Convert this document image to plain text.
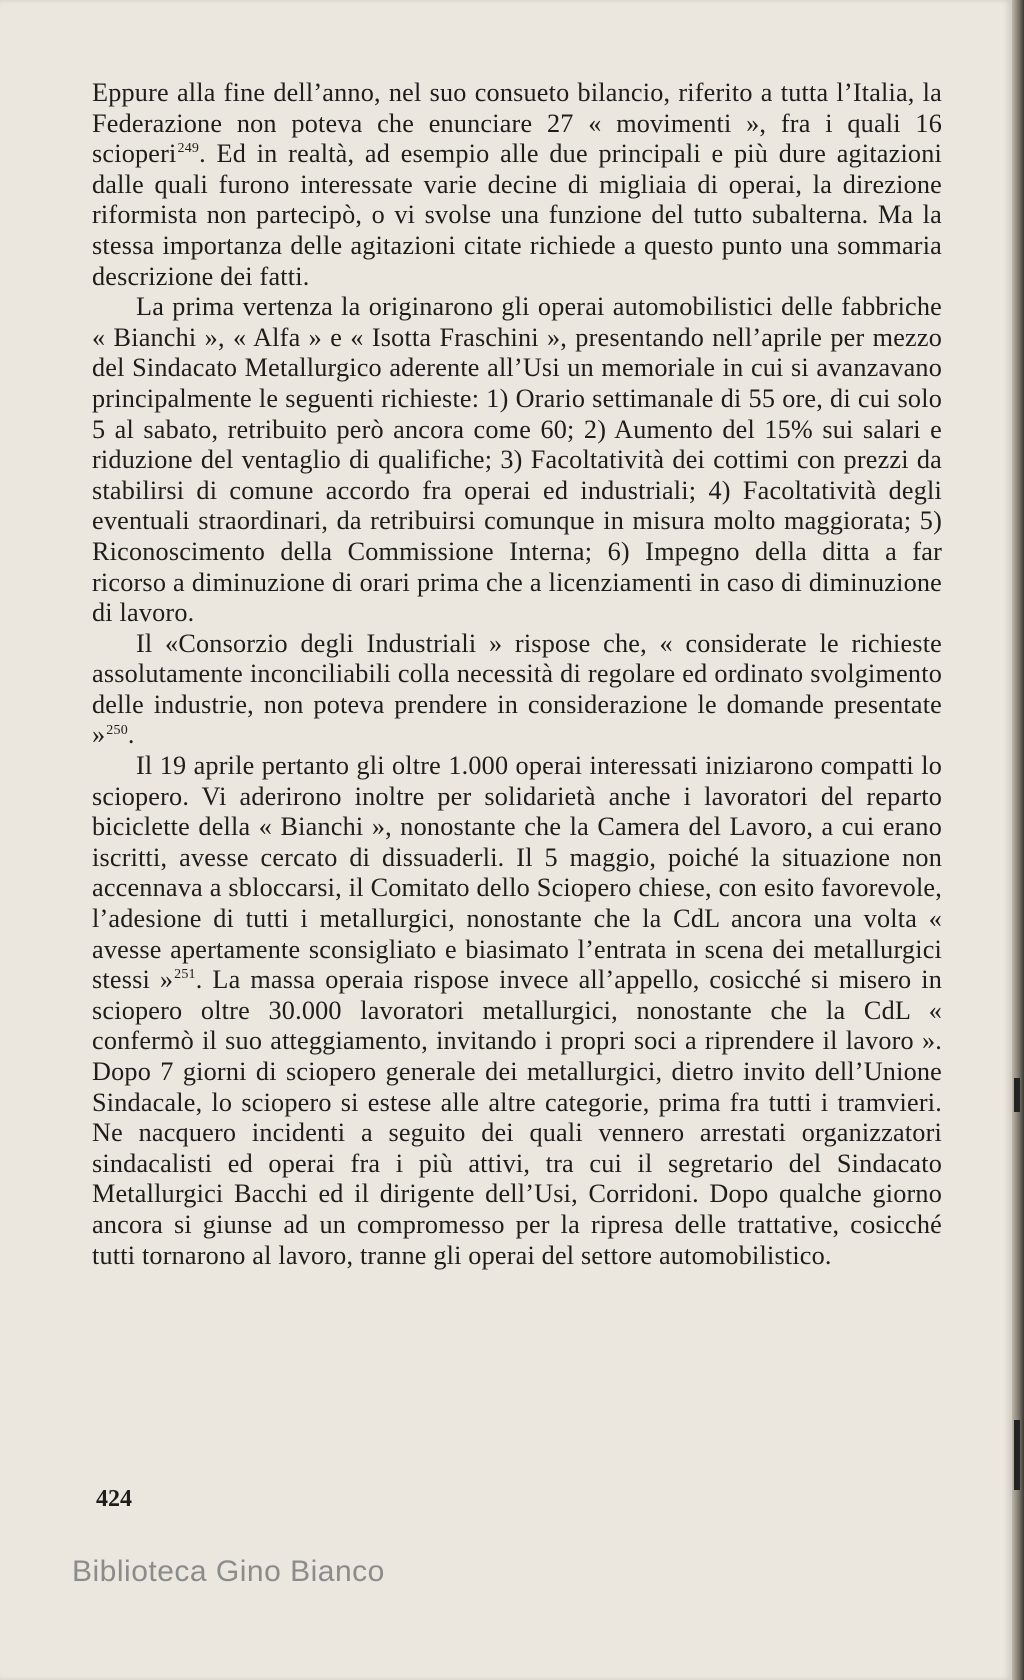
Eppure alla fine dell’anno, nel suo consueto bilancio, riferito a tutta l’Italia, la Federazione non poteva che enunciare 27 « movimenti », fra i quali 16 scioperi$^{249}$. Ed in realtà, ad esempio alle due principali e più dure agitazioni dalle quali furono interessate varie decine di migliaia di operai, la direzione riformista non partecipò, o vi svolse una funzione del tutto subalterna. Ma la stessa importanza delle agitazioni citate richiede a questo punto una sommaria descrizione dei fatti.

La prima vertenza la originarono gli operai automobilistici delle fabbriche « Bianchi », « Alfa » e « Isotta Fraschini », presentando nell’aprile per mezzo del Sindacato Metallurgico aderente all’Usi un memoriale in cui si avanzavano principalmente le seguenti richieste: 1) Orario settimanale di 55 ore, di cui solo 5 al sabato, retribuito però ancora come 60; 2) Aumento del 15% sui salari e riduzione del ventaglio di qualifiche; 3) Facoltatività dei cottimi con prezzi da stabilirsi di comune accordo fra operai ed industriali; 4) Facoltatività degli eventuali straordinari, da retribuirsi comunque in misura molto maggiorata; 5) Riconoscimento della Commissione Interna; 6) Impegno della ditta a far ricorso a diminuzione di orari prima che a licenziamenti in caso di diminuzione di lavoro.

Il «Consorzio degli Industriali » rispose che, « considerate le richieste assolutamente inconciliabili colla necessità di regolare ed ordinato svolgimento delle industrie, non poteva prendere in considerazione le domande presentate »$^{250}$.

Il 19 aprile pertanto gli oltre 1.000 operai interessati iniziarono compatti lo sciopero. Vi aderirono inoltre per solidarietà anche i lavoratori del reparto biciclette della « Bianchi », nonostante che la Camera del Lavoro, a cui erano iscritti, avesse cercato di dissuaderli. Il 5 maggio, poiché la situazione non accennava a sbloccarsi, il Comitato dello Sciopero chiese, con esito favorevole, l’adesione di tutti i metallurgici, nonostante che la CdL ancora una volta « avesse apertamente sconsigliato e biasimato l’entrata in scena dei metallurgici stessi »$^{251}$. La massa operaia rispose invece all’appello, cosicché si misero in sciopero oltre 30.000 lavoratori metallurgici, nonostante che la CdL « confermò il suo atteggiamento, invitando i propri soci a riprendere il lavoro ». Dopo 7 giorni di sciopero generale dei metallurgici, dietro invito dell’Unione Sindacale, lo sciopero si estese alle altre categorie, prima fra tutti i tramvieri. Ne nacquero incidenti a seguito dei quali vennero arrestati organizzatori sindacalisti ed operai fra i più attivi, tra cui il segretario del Sindacato Metallurgici Bacchi ed il dirigente dell’Usi, Corridoni. Dopo qualche giorno ancora si giunse ad un compromesso per la ripresa delle trattative, cosicché tutti tornarono al lavoro, tranne gli operai del settore automobilistico.

424
Biblioteca Gino Bianco
